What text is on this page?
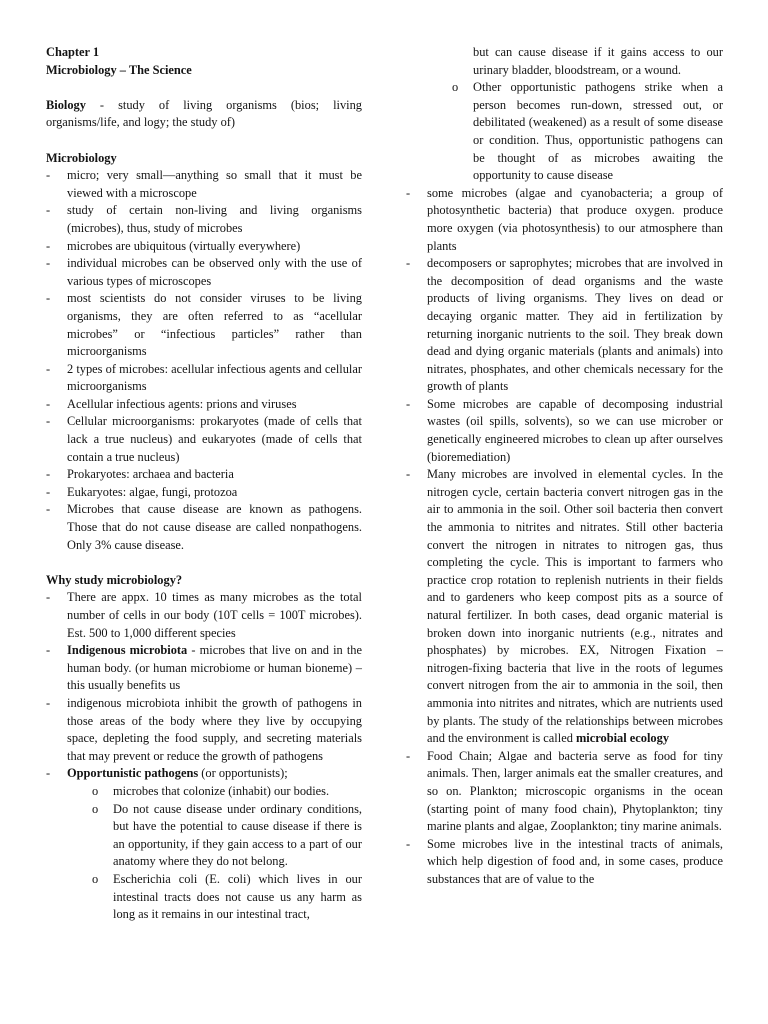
Chapter 1

Microbiology – The Science

Biology - study of living organisms (bios; living organisms/life, and logy; the study of)

Microbiology

- micro; very small—anything so small that it must be viewed with a microscope
- study of certain non-living and living organisms (microbes), thus, study of microbes
- microbes are ubiquitous (virtually everywhere)
- individual microbes can be observed only with the use of various types of microscopes
- most scientists do not consider viruses to be living organisms, they are often referred to as “acellular microbes” or “infectious particles” rather than microorganisms
- 2 types of microbes: acellular infectious agents and cellular microorganisms
- Acellular infectious agents: prions and viruses
- Cellular microorganisms: prokaryotes (made of cells that lack a true nucleus) and eukaryotes (made of cells that contain a true nucleus)
- Prokaryotes: archaea and bacteria
- Eukaryotes: algae, fungi, protozoa
- Microbes that cause disease are known as pathogens. Those that do not cause disease are called nonpathogens. Only 3% cause disease.

Why study microbiology?

- There are appx. 10 times as many microbes as the total number of cells in our body (10T cells = 100T microbes). Est. 500 to 1,000 different species
- Indigenous microbiota - microbes that live on and in the human body. (or human microbiome or human bioneme) – this usually benefits us
- indigenous microbiota inhibit the growth of pathogens in those areas of the body where they live by occupying space, depleting the food supply, and secreting materials that may prevent or reduce the growth of pathogens
- Opportunistic pathogens (or opportunists);
o microbes that colonize (inhabit) our bodies.
o Do not cause disease under ordinary conditions, but have the potential to cause disease if there is an opportunity, if they gain access to a part of our anatomy where they do not belong.
o Escherichia coli (E. coli) which lives in our intestinal tracts does not cause us any harm as long as it remains in our intestinal tract,

but can cause disease if it gains access to our urinary bladder, bloodstream, or a wound.

o Other opportunistic pathogens strike when a person becomes run-down, stressed out, or debilitated (weakened) as a result of some disease or condition. Thus, opportunistic pathogens can be thought of as microbes awaiting the opportunity to cause disease
- some microbes (algae and cyanobacteria; a group of photosynthetic bacteria) that produce oxygen. produce more oxygen (via photosynthesis) to our atmosphere than plants
- decomposers or saprophytes; microbes that are involved in the decomposition of dead organisms and the waste products of living organisms. They lives on dead or decaying organic matter. They aid in fertilization by returning inorganic nutrients to the soil. They break down dead and dying organic materials (plants and animals) into nitrates, phosphates, and other chemicals necessary for the growth of plants
- Some microbes are capable of decomposing industrial wastes (oil spills, solvents), so we can use microber or genetically engineered microbes to clean up after ourselves (bioremediation)
- Many microbes are involved in elemental cycles. In the nitrogen cycle, certain bacteria convert nitrogen gas in the air to ammonia in the soil. Other soil bacteria then convert the ammonia to nitrites and nitrates. Still other bacteria convert the nitrogen in nitrates to nitrogen gas, thus completing the cycle. This is important to farmers who practice crop rotation to replenish nutrients in their fields and to gardeners who keep compost pits as a source of natural fertilizer. In both cases, dead organic material is broken down into inorganic nutrients (e.g., nitrates and phosphates) by microbes. EX, Nitrogen Fixation – nitrogen-fixing bacteria that live in the roots of legumes convert nitrogen from the air to ammonia in the soil, then ammonia into nitrites and nitrates, which are nutrients used by plants. The study of the relationships between microbes and the environment is called microbial ecology
- Food Chain; Algae and bacteria serve as food for tiny animals. Then, larger animals eat the smaller creatures, and so on. Plankton; microscopic organisms in the ocean (starting point of many food chain), Phytoplankton; tiny marine plants and algae, Zooplankton; tiny marine animals.
- Some microbes live in the intestinal tracts of animals, which help digestion of food and, in some cases, produce substances that are of value to the
